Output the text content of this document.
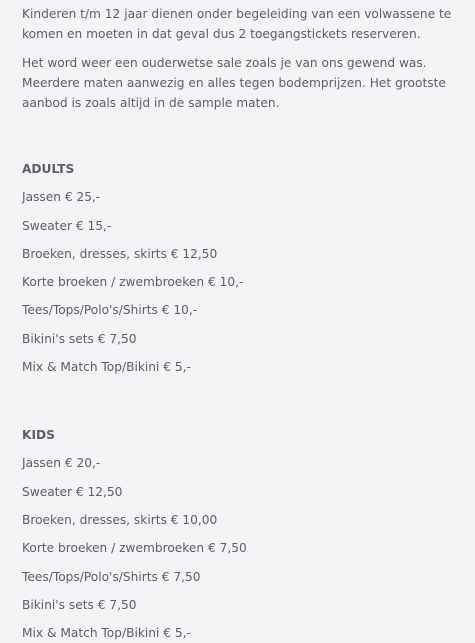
Kinderen t/m 12 jaar dienen onder begeleiding van een volwassene te komen en moeten in dat geval dus 2 toegangstickets reserveren.

Het word weer een ouderwetse sale zoals je van ons gewend was. Meerdere maten aanwezig en alles tegen bodemprijzen. Het grootste aanbod is zoals altijd in de sample maten.

ADULTS
Jassen € 25,-
Sweater € 15,-
Broeken, dresses, skirts € 12,50
Korte broeken / zwembroeken € 10,-
Tees/Tops/Polo's/Shirts € 10,-
Bikini's sets € 7,50
Mix & Match Top/Bikini € 5,-
KIDS
Jassen € 20,-
Sweater € 12,50
Broeken, dresses, skirts € 10,00
Korte broeken / zwembroeken € 7,50
Tees/Tops/Polo's/Shirts € 7,50
Bikini's sets € 7,50
Mix & Match Top/Bikini € 5,-
